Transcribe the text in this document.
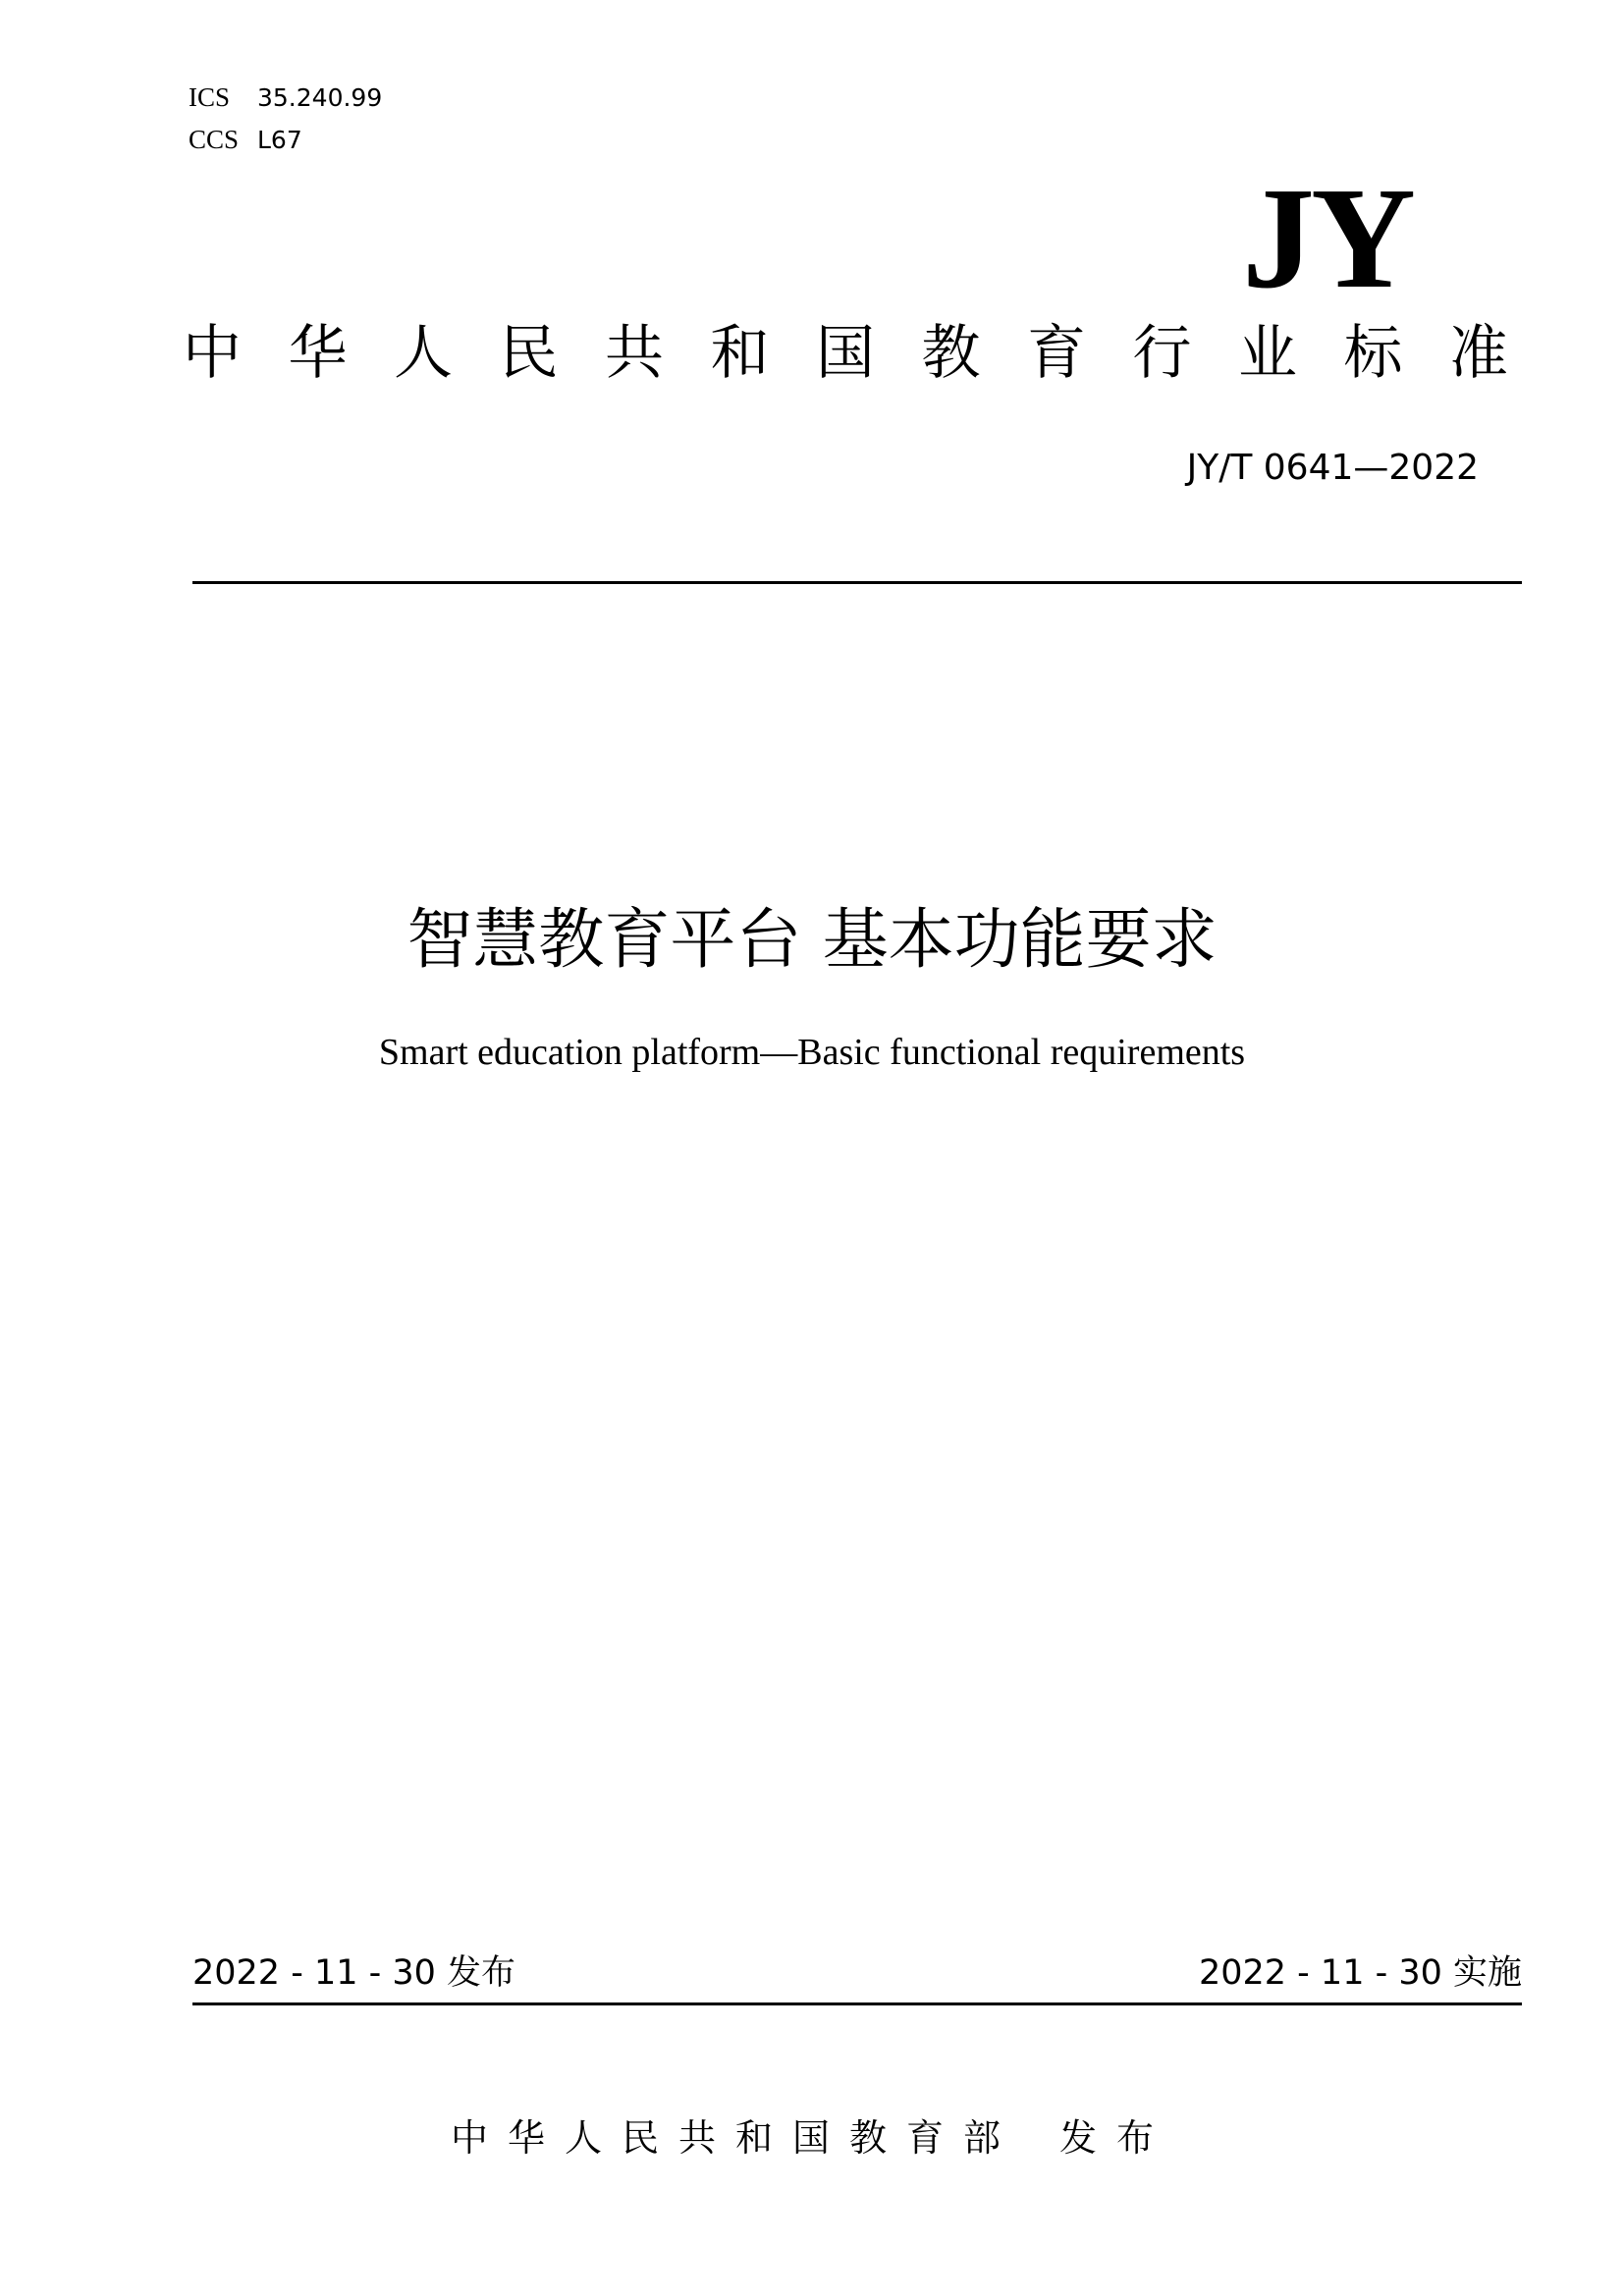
ICS 35.240.99
CCS L67
JY
中 华 人 民 共 和 国 教 育 行 业 标 准
JY/T 0641—2022
智慧教育平台 基本功能要求
Smart education platform—Basic functional requirements
2022 - 11 - 30 发布	2022 - 11 - 30 实施
中华人民共和国教育部 发布
